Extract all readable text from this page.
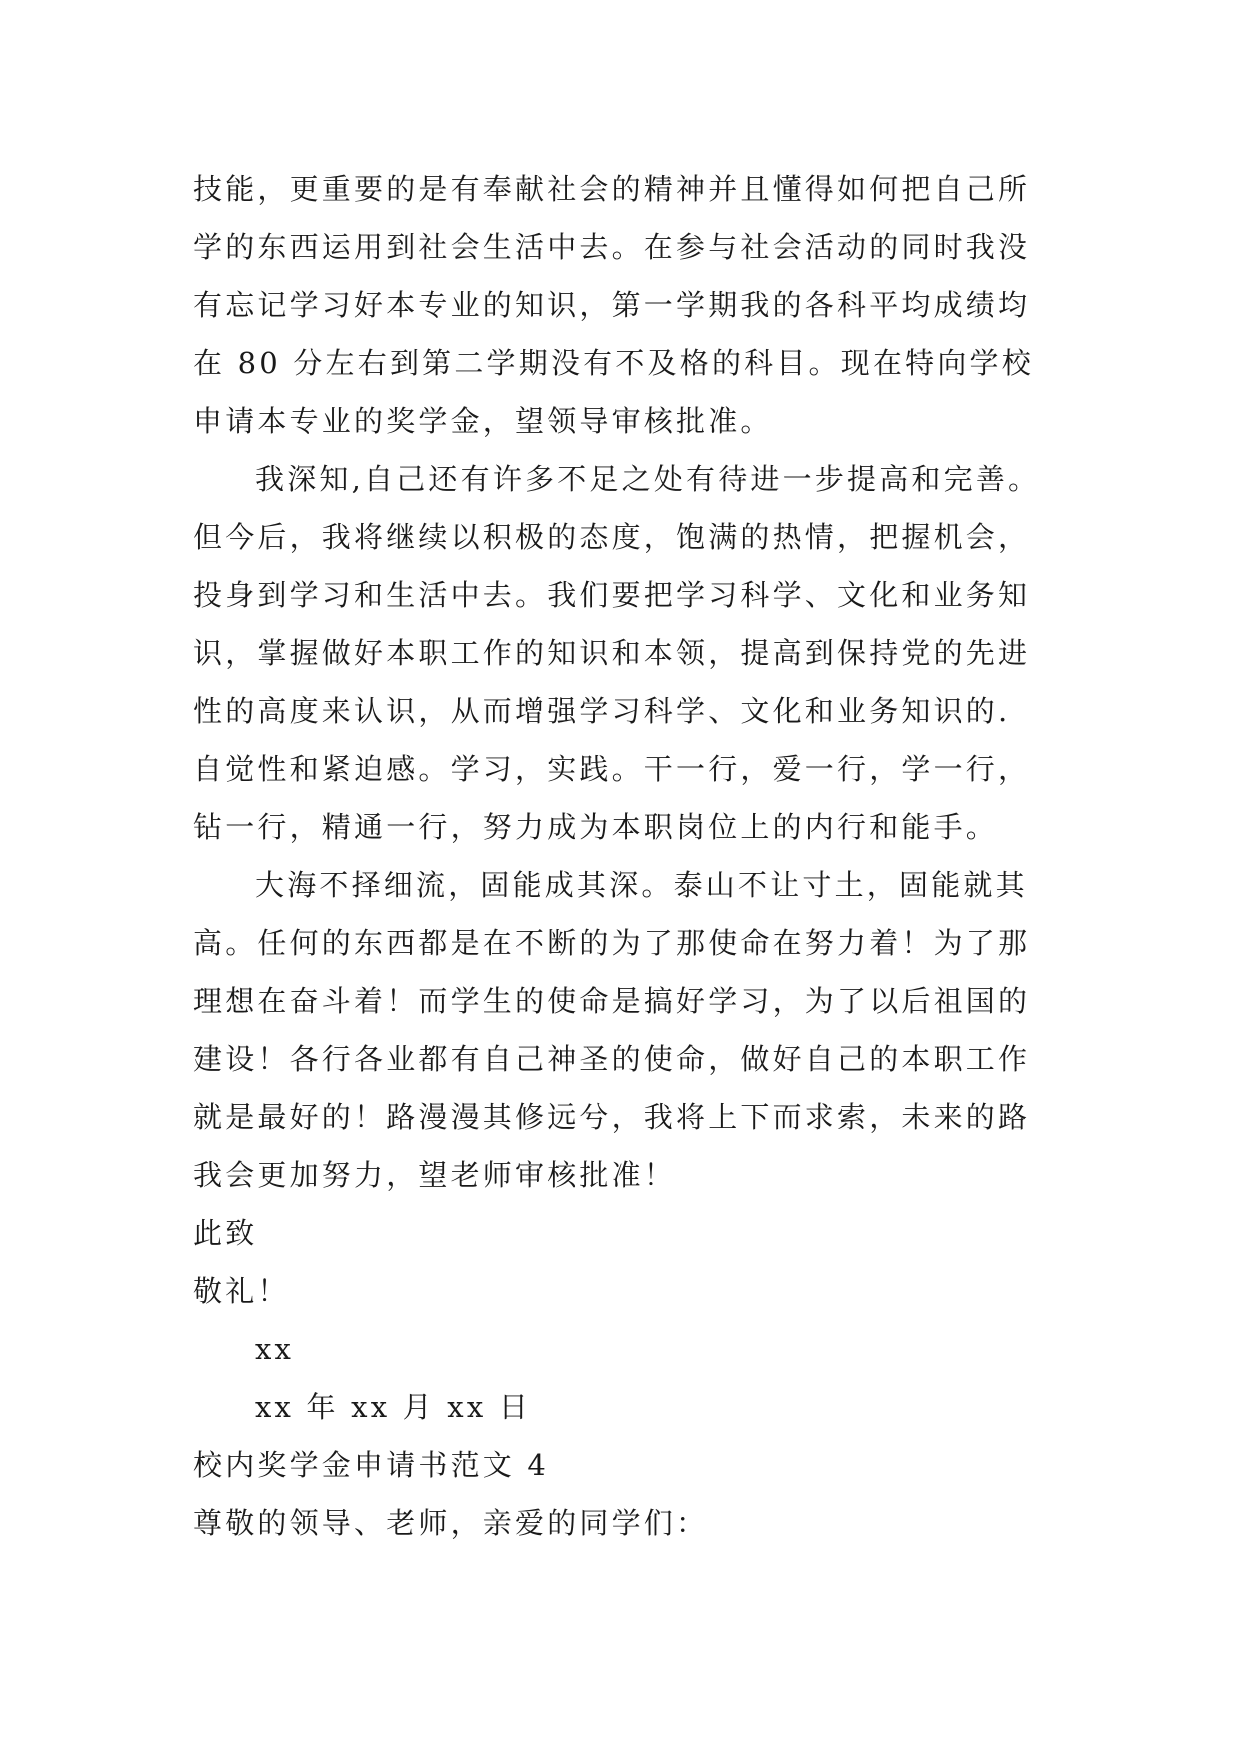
技能，更重要的是有奉献社会的精神并且懂得如何把自己所
学的东西运用到社会生活中去。在参与社会活动的同时我没
有忘记学习好本专业的知识，第一学期我的各科平均成绩均
在 80 分左右到第二学期没有不及格的科目。现在特向学校
申请本专业的奖学金，望领导审核批准。
我深知,自己还有许多不足之处有待进一步提高和完善。
但今后，我将继续以积极的态度，饱满的热情，把握机会，
投身到学习和生活中去。我们要把学习科学、文化和业务知
识，掌握做好本职工作的知识和本领，提高到保持党的先进
性的高度来认识，从而增强学习科学、文化和业务知识的.
自觉性和紧迫感。学习，实践。干一行，爱一行，学一行，
钻一行，精通一行，努力成为本职岗位上的内行和能手。
大海不择细流，固能成其深。泰山不让寸土，固能就其
高。任何的东西都是在不断的为了那使命在努力着！为了那
理想在奋斗着！而学生的使命是搞好学习，为了以后祖国的
建设！各行各业都有自己神圣的使命，做好自己的本职工作
就是最好的！路漫漫其修远兮，我将上下而求索，未来的路
我会更加努力，望老师审核批准！
此致
敬礼！
xx
xx 年 xx 月 xx 日
校内奖学金申请书范文 4
尊敬的领导、老师，亲爱的同学们：
